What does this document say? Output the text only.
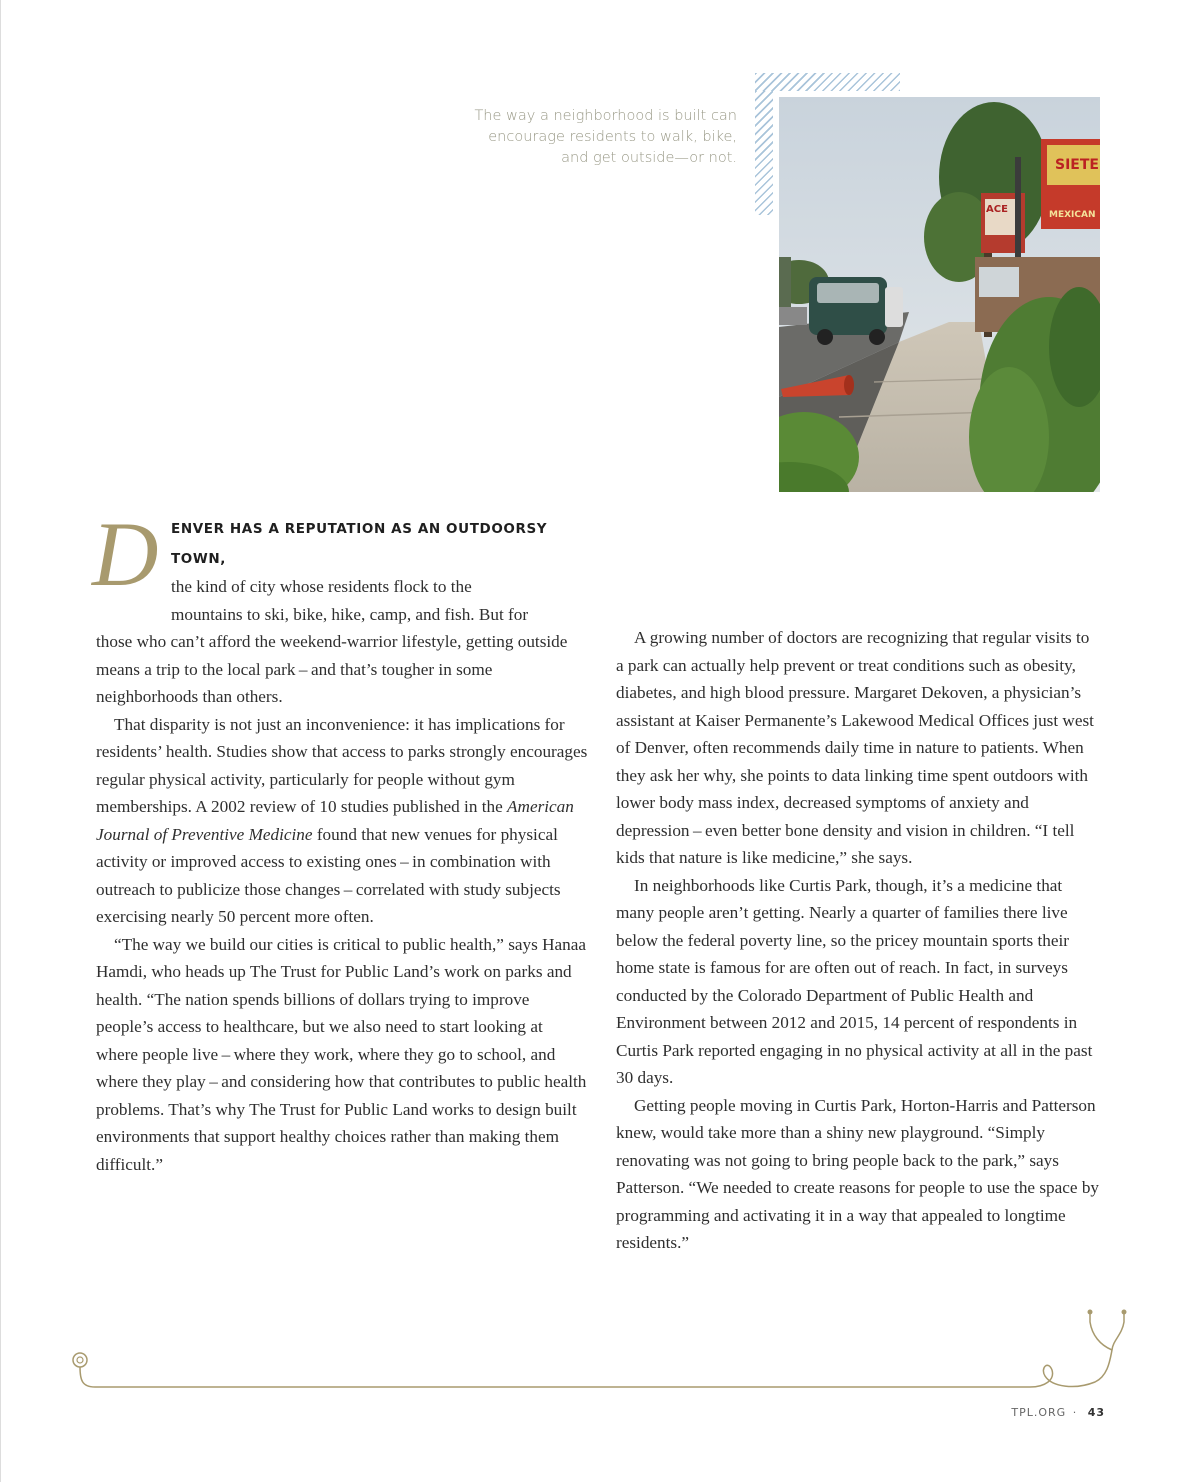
The way a neighborhood is built can
encourage residents to walk, bike,
and get outside—or not.	SIETE
MEXICAN
ACE
D ENVER HAS A REPUTATION AS AN OUTDOORSY TOWN,
the kind of city whose residents flock to the
mountains to ski, bike, hike, camp, and fish. But for

those who can’t afford the weekend-warrior lifestyle, getting outside means a trip to the local park – and that’s tougher in some neighborhoods than others.

That disparity is not just an inconvenience: it has implications for residents’ health. Studies show that access to parks strongly encourages regular physical activity, particularly for people without gym memberships. A 2002 review of 10 studies published in the American Journal of Preventive Medicine found that new venues for physical activity or improved access to existing ones – in combination with outreach to publicize those changes – correlated with study subjects exercising nearly 50 percent more often.

“The way we build our cities is critical to public health,” says Hanaa Hamdi, who heads up The Trust for Public Land’s work on parks and health. “The nation spends billions of dollars trying to improve people’s access to healthcare, but we also need to start looking at where people live – where they work, where they go to school, and where they play – and considering how that contributes to public health problems. That’s why The Trust for Public Land works to design built environments that support healthy choices rather than making them difficult.”

A growing number of doctors are recognizing that regular visits to a park can actually help prevent or treat conditions such as obesity, diabetes, and high blood pressure. Margaret Dekoven, a physician’s assistant at Kaiser Permanente’s Lakewood Medical Offices just west of Denver, often recommends daily time in nature to patients. When they ask her why, she points to data linking time spent outdoors with lower body mass index, decreased symptoms of anxiety and depression – even better bone density and vision in children. “I tell kids that nature is like medicine,” she says.

In neighborhoods like Curtis Park, though, it’s a medicine that many people aren’t getting. Nearly a quarter of families there live below the federal poverty line, so the pricey mountain sports their home state is famous for are often out of reach. In fact, in surveys conducted by the Colorado Department of Public Health and Environment between 2012 and 2015, 14 percent of respondents in Curtis Park reported engaging in no physical activity at all in the past 30 days.

Getting people moving in Curtis Park, Horton-Harris and Patterson knew, would take more than a shiny new playground. “Simply renovating was not going to bring people back to the park,” says Patterson. “We needed to create reasons for people to use the space by programming and activating it in a way that appealed to longtime residents.”

TPL.ORG · 43
